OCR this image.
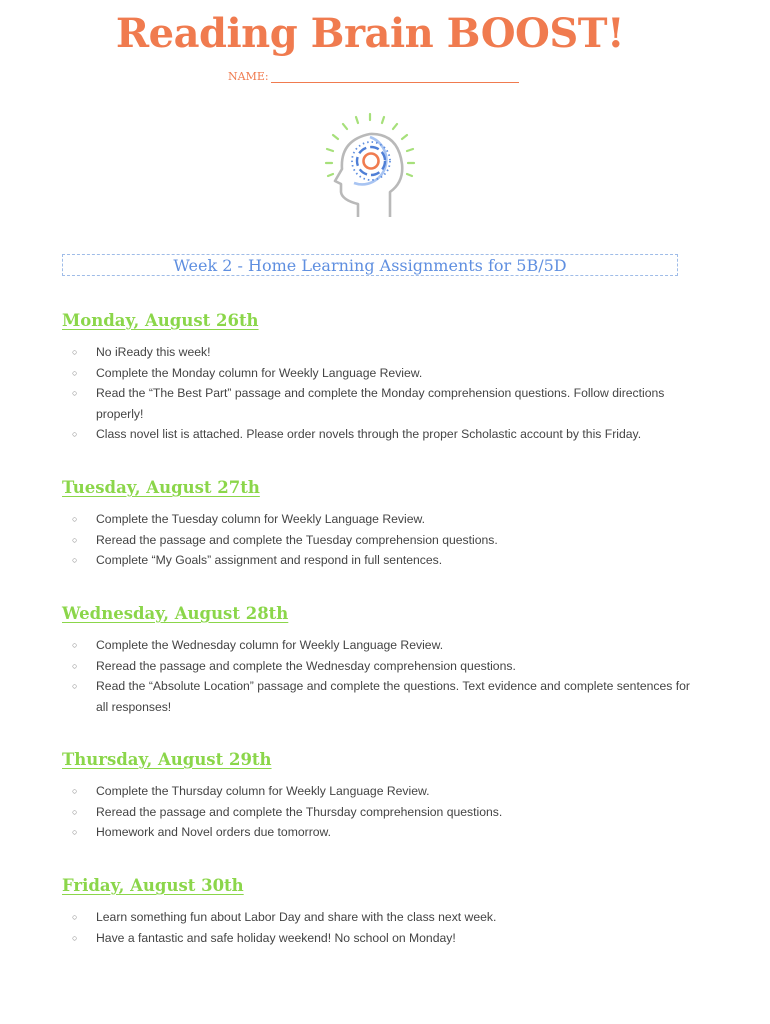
Reading Brain BOOST!
NAME:
Week 2 - Home Learning Assignments for 5B/5D
Monday, August 26th
○ No iReady this week!
○ Complete the Monday column for Weekly Language Review.
○ Read the “The Best Part” passage and complete the Monday comprehension questions. Follow directions properly!
○ Class novel list is attached. Please order novels through the proper Scholastic account by this Friday.
Tuesday, August 27th
○ Complete the Tuesday column for Weekly Language Review.
○ Reread the passage and complete the Tuesday comprehension questions.
○ Complete “My Goals” assignment and respond in full sentences.
Wednesday, August 28th
○ Complete the Wednesday column for Weekly Language Review.
○ Reread the passage and complete the Wednesday comprehension questions.
○ Read the “Absolute Location” passage and complete the questions. Text evidence and complete sentences for all responses!
Thursday, August 29th
○ Complete the Thursday column for Weekly Language Review.
○ Reread the passage and complete the Thursday comprehension questions.
○ Homework and Novel orders due tomorrow.
Friday, August 30th
○ Learn something fun about Labor Day and share with the class next week.
○ Have a fantastic and safe holiday weekend! No school on Monday!
